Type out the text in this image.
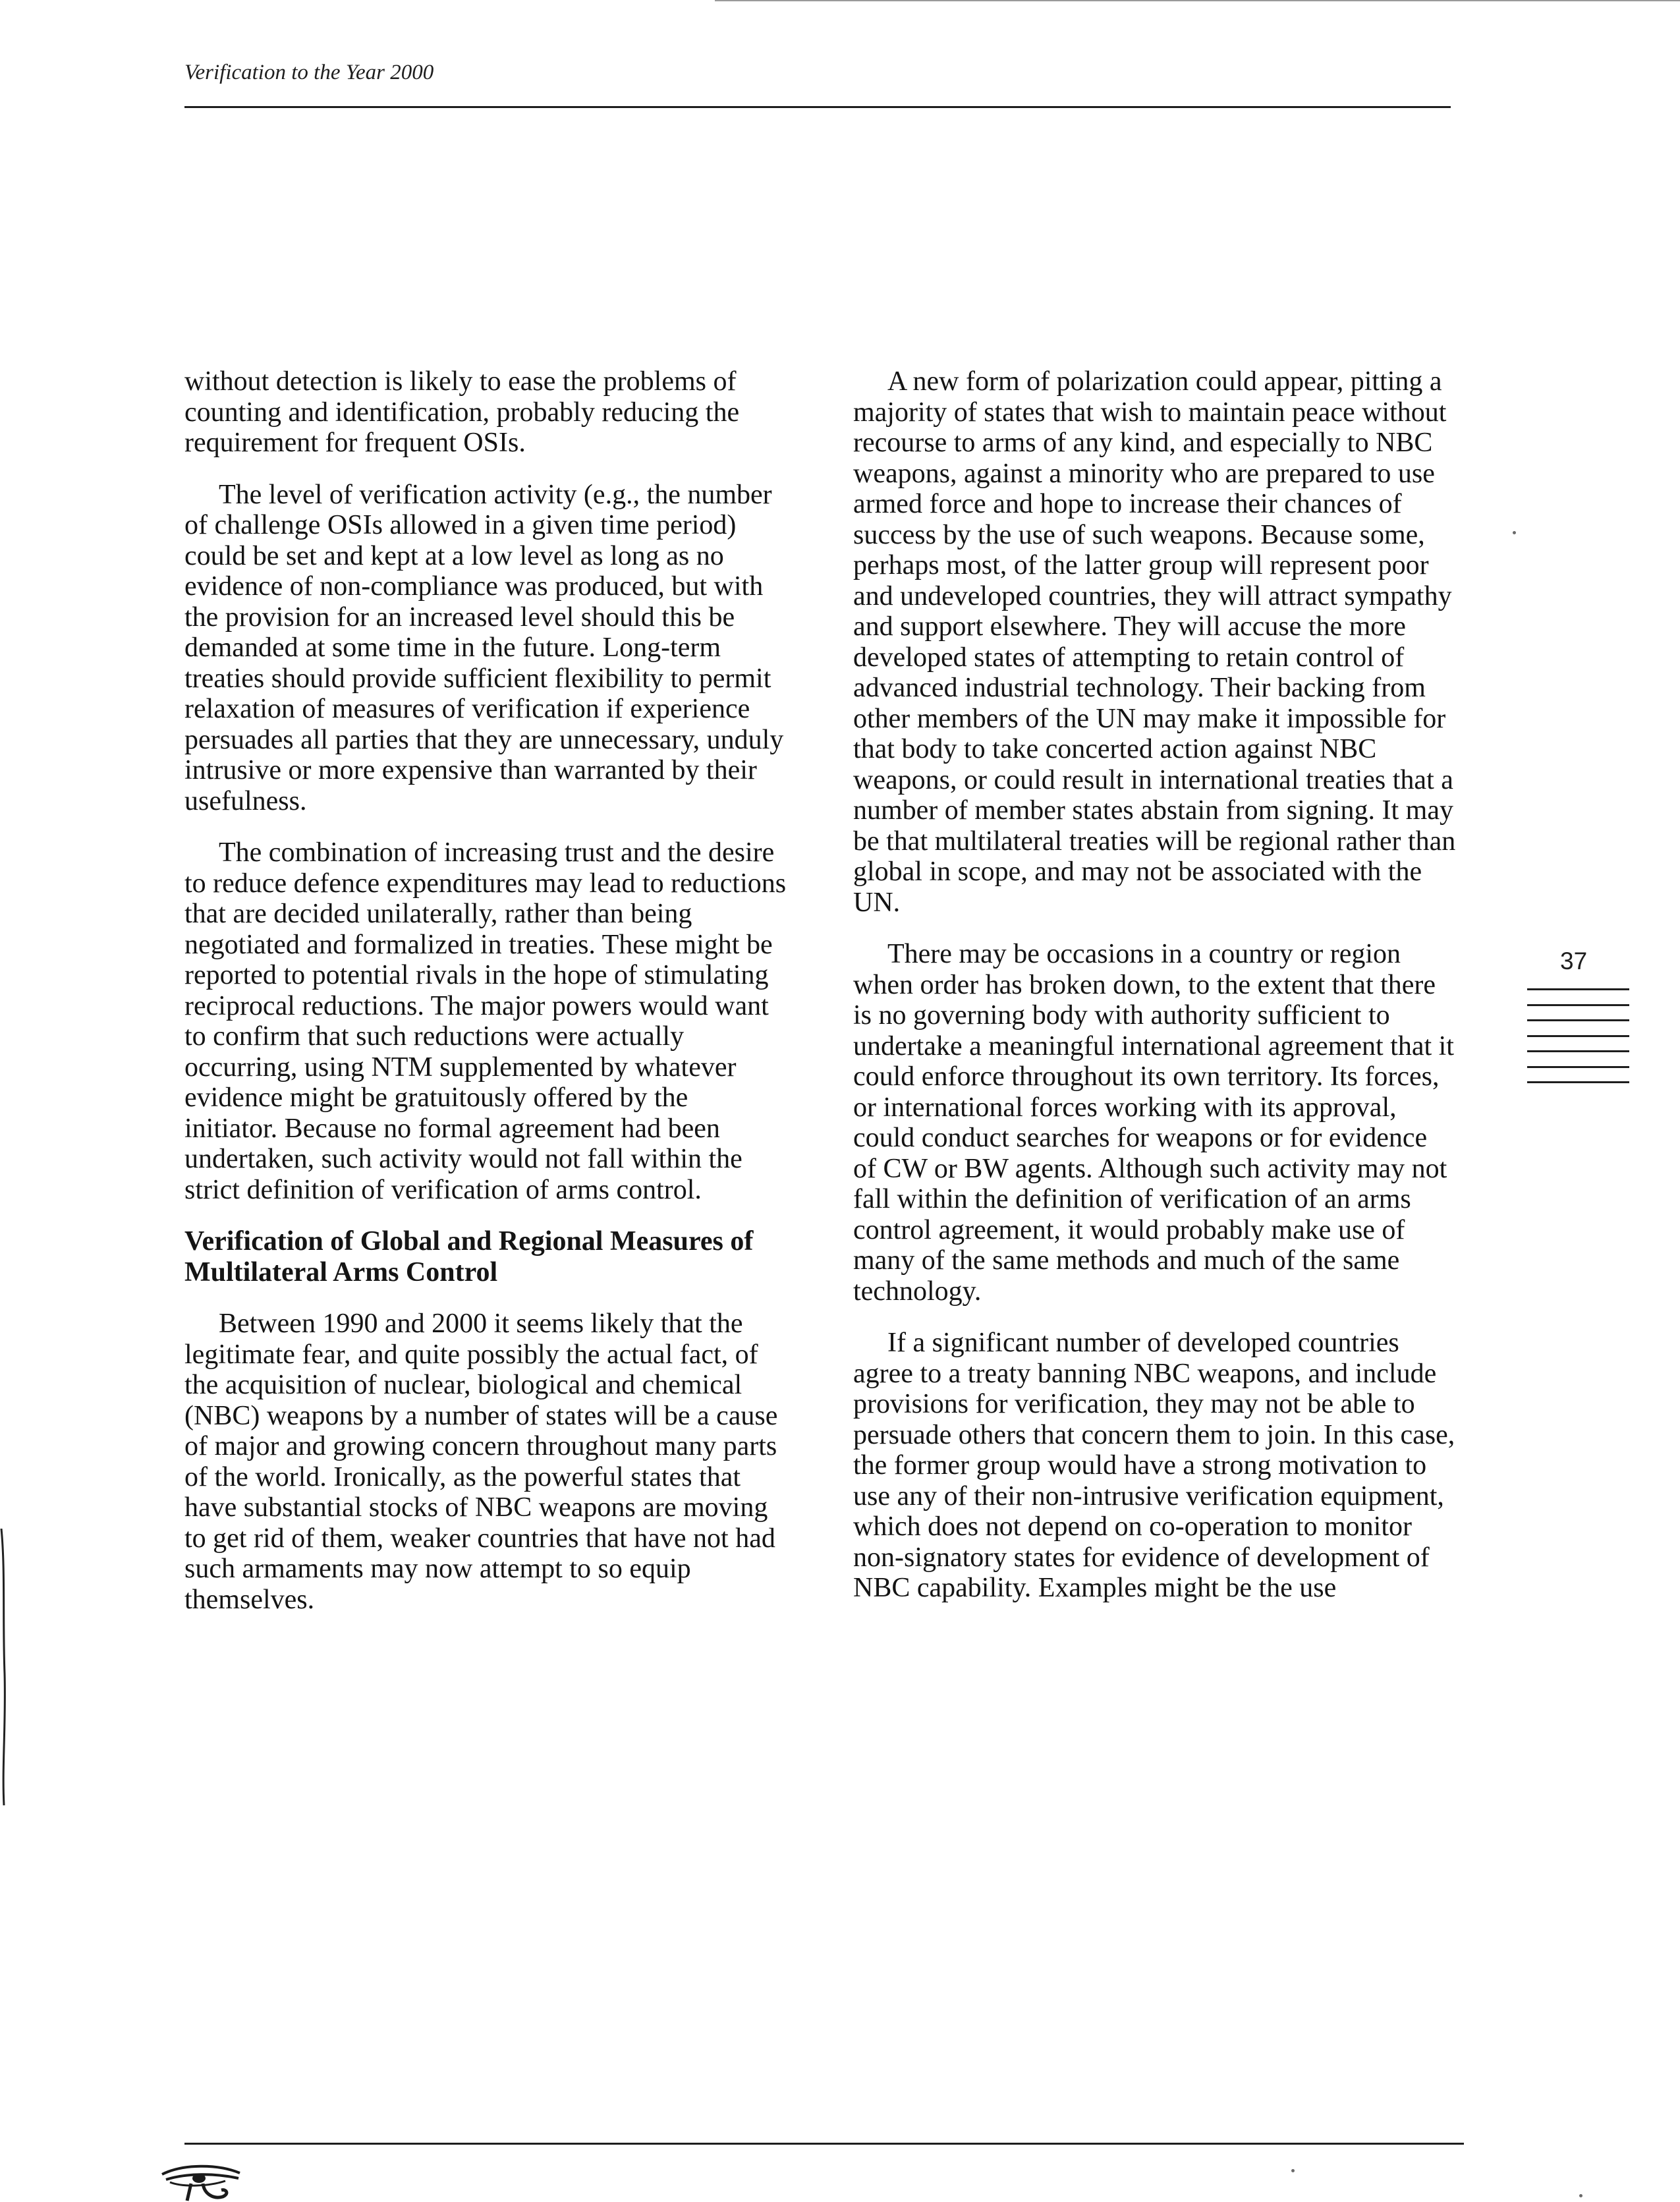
Verification to the Year 2000

without detection is likely to ease the problems of counting and identification, probably reducing the requirement for frequent OSIs.

The level of verification activity (e.g., the number of challenge OSIs allowed in a given time period) could be set and kept at a low level as long as no evidence of non-compliance was produced, but with the provision for an increased level should this be demanded at some time in the future. Long-term treaties should provide sufficient flexibility to permit relaxation of measures of verification if experience persuades all parties that they are unnecessary, unduly intrusive or more expensive than warranted by their usefulness.

The combination of increasing trust and the desire to reduce defence expenditures may lead to reductions that are decided unilaterally, rather than being negotiated and formalized in treaties. These might be reported to potential rivals in the hope of stimulating reciprocal reductions. The major powers would want to confirm that such reductions were actually occurring, using NTM supplemented by whatever evidence might be gratuitously offered by the initiator. Because no formal agreement had been undertaken, such activity would not fall within the strict definition of verification of arms control.

Verification of Global and Regional Measures of Multilateral Arms Control

Between 1990 and 2000 it seems likely that the legitimate fear, and quite possibly the actual fact, of the acquisition of nuclear, biological and chemical (NBC) weapons by a number of states will be a cause of major and growing concern throughout many parts of the world. Ironically, as the powerful states that have substantial stocks of NBC weapons are moving to get rid of them, weaker countries that have not had such armaments may now attempt to so equip themselves.

A new form of polarization could appear, pitting a majority of states that wish to maintain peace without recourse to arms of any kind, and especially to NBC weapons, against a minority who are prepared to use armed force and hope to increase their chances of success by the use of such weapons. Because some, perhaps most, of the latter group will represent poor and undeveloped countries, they will attract sympathy and support elsewhere. They will accuse the more developed states of attempting to retain control of advanced industrial technology. Their backing from other members of the UN may make it impossible for that body to take concerted action against NBC weapons, or could result in international treaties that a number of member states abstain from signing. It may be that multilateral treaties will be regional rather than global in scope, and may not be associated with the UN.

There may be occasions in a country or region when order has broken down, to the extent that there is no governing body with authority sufficient to undertake a meaningful international agreement that it could enforce throughout its own territory. Its forces, or international forces working with its approval, could conduct searches for weapons or for evidence of CW or BW agents. Although such activity may not fall within the definition of verification of an arms control agreement, it would probably make use of many of the same methods and much of the same technology.

If a significant number of developed countries agree to a treaty banning NBC weapons, and include provisions for verification, they may not be able to persuade others that concern them to join. In this case, the former group would have a strong motivation to use any of their non-intrusive verification equipment, which does not depend on co-operation to monitor non-signatory states for evidence of development of NBC capability. Examples might be the use

37
